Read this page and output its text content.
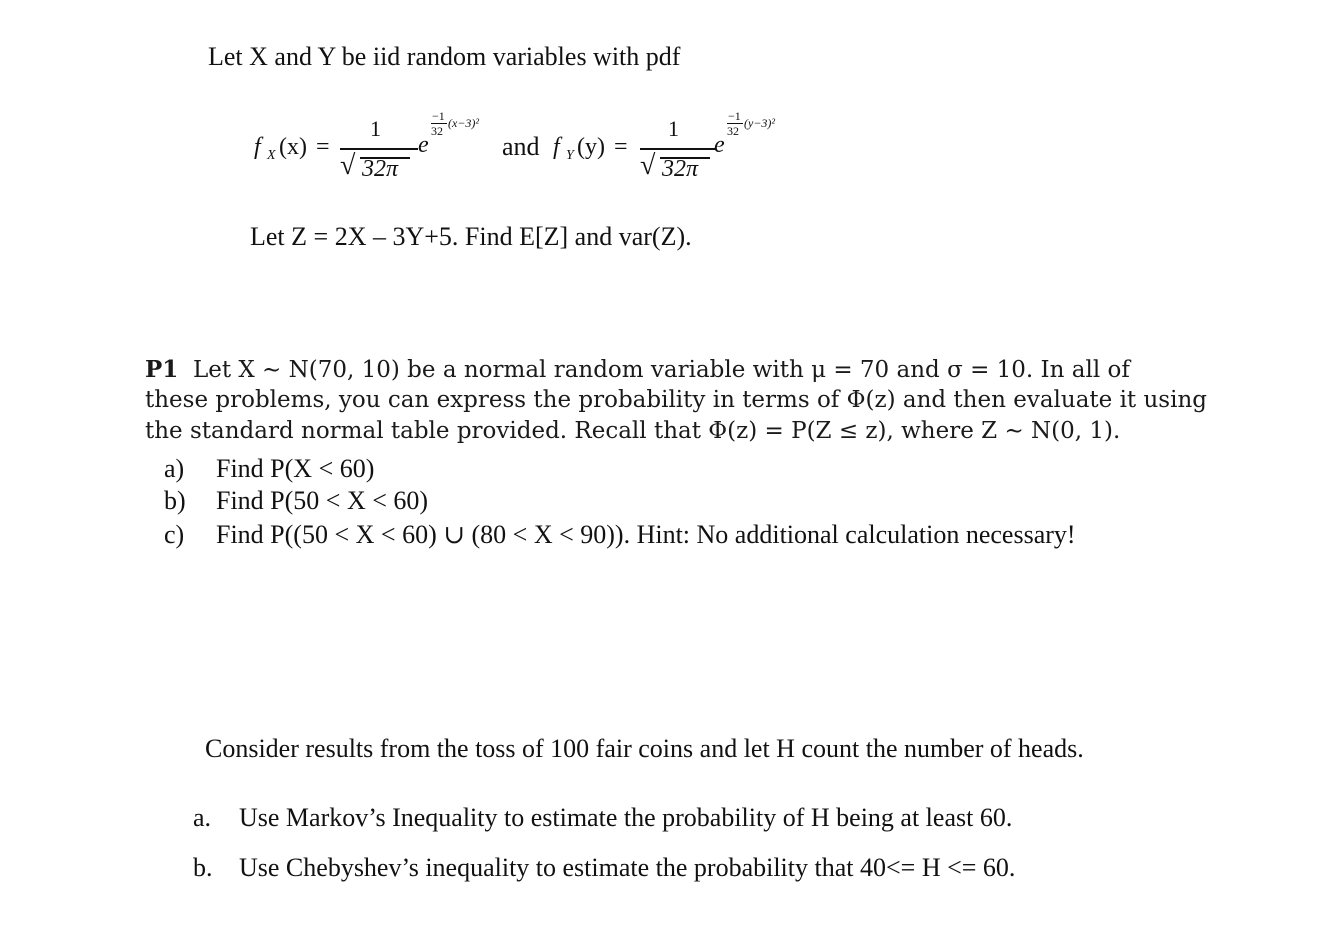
Let X and Y be iid random variables with pdf
f X (x) =
1
√ 32π
e
−1
32
(x−3)²
and f Y (y) =
1
√ 32π
e
−1
32
(y−3)²
Let Z = 2X – 3Y+5. Find E[Z] and var(Z).
P1 Let X ∼ N(70, 10) be a normal random variable with μ = 70 and σ = 10. In all of
these problems, you can express the probability in terms of Φ(z) and then evaluate it using
the standard normal table provided. Recall that Φ(z) = P(Z ≤ z), where Z ∼ N(0, 1).
a) Find P(X < 60)
b) Find P(50 < X < 60)
c) Find P((50 < X < 60) ∪ (80 < X < 90)). Hint: No additional calculation necessary!
Consider results from the toss of 100 fair coins and let H count the number of heads.
a. Use Markov’s Inequality to estimate the probability of H being at least 60.
b. Use Chebyshev’s inequality to estimate the probability that 40<= H <= 60.
